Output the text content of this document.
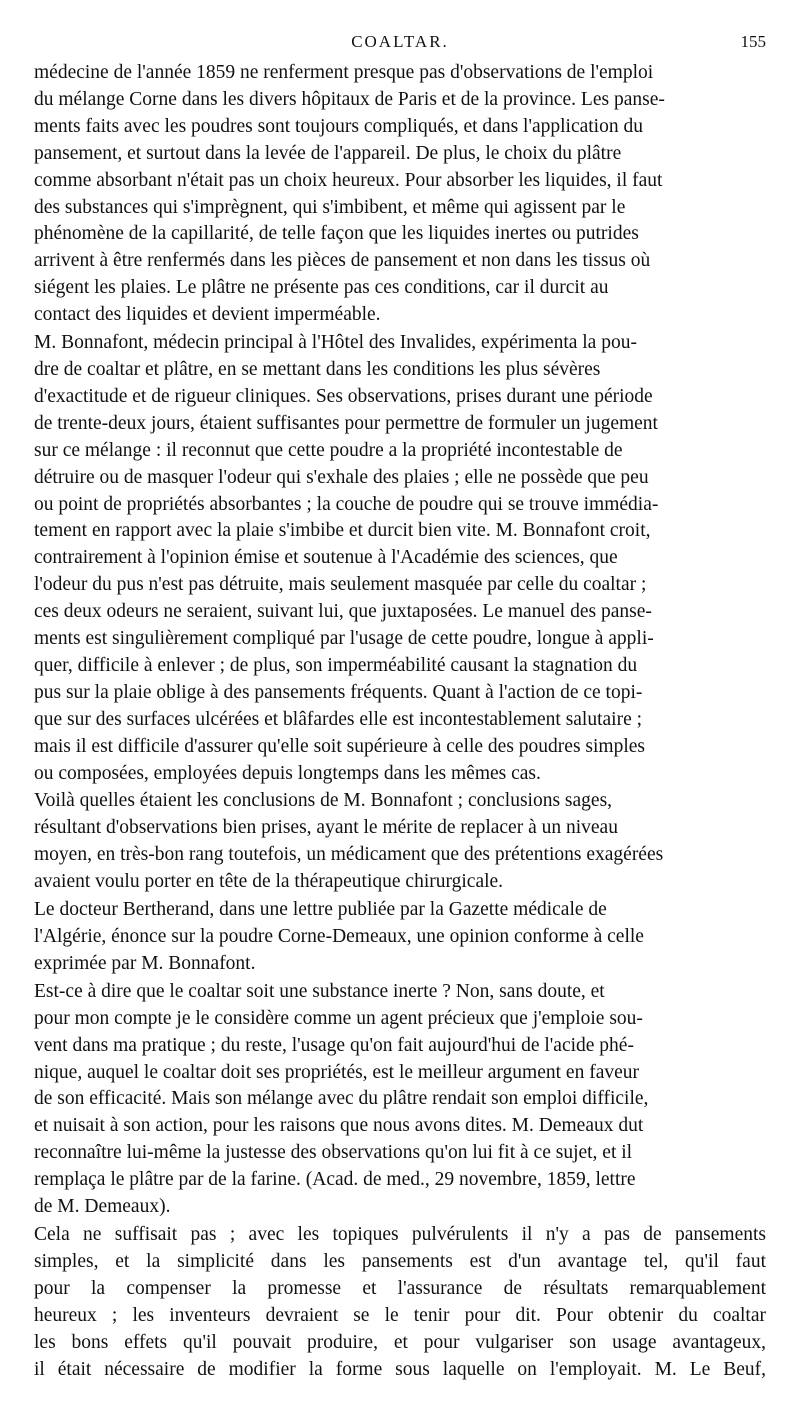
COALTAR.	155

médecine de l'année 1859 ne renferment presque pas d'observations de l'emploi
du mélange Corne dans les divers hôpitaux de Paris et de la province. Les panse-
ments faits avec les poudres sont toujours compliqués, et dans l'application du
pansement, et surtout dans la levée de l'appareil. De plus, le choix du plâtre
comme absorbant n'était pas un choix heureux. Pour absorber les liquides, il faut
des substances qui s'imprègnent, qui s'imbibent, et même qui agissent par le
phénomène de la capillarité, de telle façon que les liquides inertes ou putrides
arrivent à être renfermés dans les pièces de pansement et non dans les tissus où
siégent les plaies. Le plâtre ne présente pas ces conditions, car il durcit au
contact des liquides et devient imperméable.

M. Bonnafont, médecin principal à l'Hôtel des Invalides, expérimenta la pou-
dre de coaltar et plâtre, en se mettant dans les conditions les plus sévères
d'exactitude et de rigueur cliniques. Ses observations, prises durant une période
de trente-deux jours, étaient suffisantes pour permettre de formuler un jugement
sur ce mélange : il reconnut que cette poudre a la propriété incontestable de
détruire ou de masquer l'odeur qui s'exhale des plaies ; elle ne possède que peu
ou point de propriétés absorbantes ; la couche de poudre qui se trouve immédia-
tement en rapport avec la plaie s'imbibe et durcit bien vite. M. Bonnafont croit,
contrairement à l'opinion émise et soutenue à l'Académie des sciences, que
l'odeur du pus n'est pas détruite, mais seulement masquée par celle du coaltar ;
ces deux odeurs ne seraient, suivant lui, que juxtaposées. Le manuel des panse-
ments est singulièrement compliqué par l'usage de cette poudre, longue à appli-
quer, difficile à enlever ; de plus, son imperméabilité causant la stagnation du
pus sur la plaie oblige à des pansements fréquents. Quant à l'action de ce topi-
que sur des surfaces ulcérées et blâfardes elle est incontestablement salutaire ;
mais il est difficile d'assurer qu'elle soit supérieure à celle des poudres simples
ou composées, employées depuis longtemps dans les mêmes cas.

Voilà quelles étaient les conclusions de M. Bonnafont ; conclusions sages,
résultant d'observations bien prises, ayant le mérite de replacer à un niveau
moyen, en très-bon rang toutefois, un médicament que des prétentions exagérées
avaient voulu porter en tête de la thérapeutique chirurgicale.

Le docteur Bertherand, dans une lettre publiée par la Gazette médicale de
l'Algérie, énonce sur la poudre Corne-Demeaux, une opinion conforme à celle
exprimée par M. Bonnafont.

Est-ce à dire que le coaltar soit une substance inerte ? Non, sans doute, et
pour mon compte je le considère comme un agent précieux que j'emploie sou-
vent dans ma pratique ; du reste, l'usage qu'on fait aujourd'hui de l'acide phé-
nique, auquel le coaltar doit ses propriétés, est le meilleur argument en faveur
de son efficacité. Mais son mélange avec du plâtre rendait son emploi difficile,
et nuisait à son action, pour les raisons que nous avons dites. M. Demeaux dut
reconnaître lui-même la justesse des observations qu'on lui fit à ce sujet, et il
remplaça le plâtre par de la farine. (Acad. de med., 29 novembre, 1859, lettre
de M. Demeaux).

Cela ne suffisait pas ; avec les topiques pulvérulents il n'y a pas de pansements
simples, et la simplicité dans les pansements est d'un avantage tel, qu'il faut
pour la compenser la promesse et l'assurance de résultats remarquablement
heureux ; les inventeurs devraient se le tenir pour dit. Pour obtenir du coaltar
les bons effets qu'il pouvait produire, et pour vulgariser son usage avantageux,
il était nécessaire de modifier la forme sous laquelle on l'employait. M. Le Beuf,
